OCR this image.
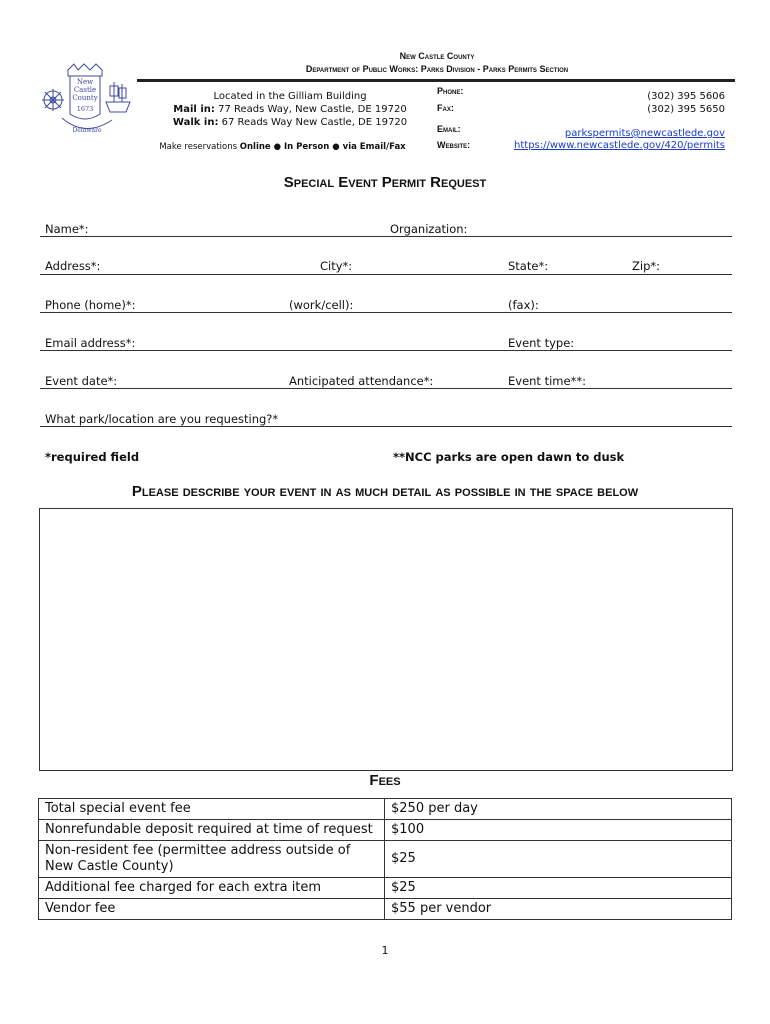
New
Castle
County
1673
Delaware
New Castle County
Department of Public Works: Parks Division - Parks Permits Section
Located in the Gilliam Building
Mail in: 77 Reads Way, New Castle, DE 19720
Walk in: 67 Reads Way New Castle, DE 19720
Make reservations Online ● In Person ● via Email/Fax
Phone:	(302) 395 5606
Fax:	(302) 395 5650
Email:	parkspermits@newcastlede.gov
Website:	https://www.newcastlede.gov/420/permits
Special Event Permit Request
Name*:	Organization:
Address*:	City*:	State*:	Zip*:
Phone (home)*:	(work/cell):	(fax):
Email address*:	Event type:
Event date*:	Anticipated attendance*:	Event time**:
What park/location are you requesting?*
*required field	**NCC parks are open dawn to dusk
Please describe your event in as much detail as possible in the space below
Fees
Total special event fee	$250 per day
Nonrefundable deposit required at time of request	$100
Non-resident fee (permittee address outside of New Castle County)	$25
Additional fee charged for each extra item	$25
Vendor fee	$55 per vendor
1
